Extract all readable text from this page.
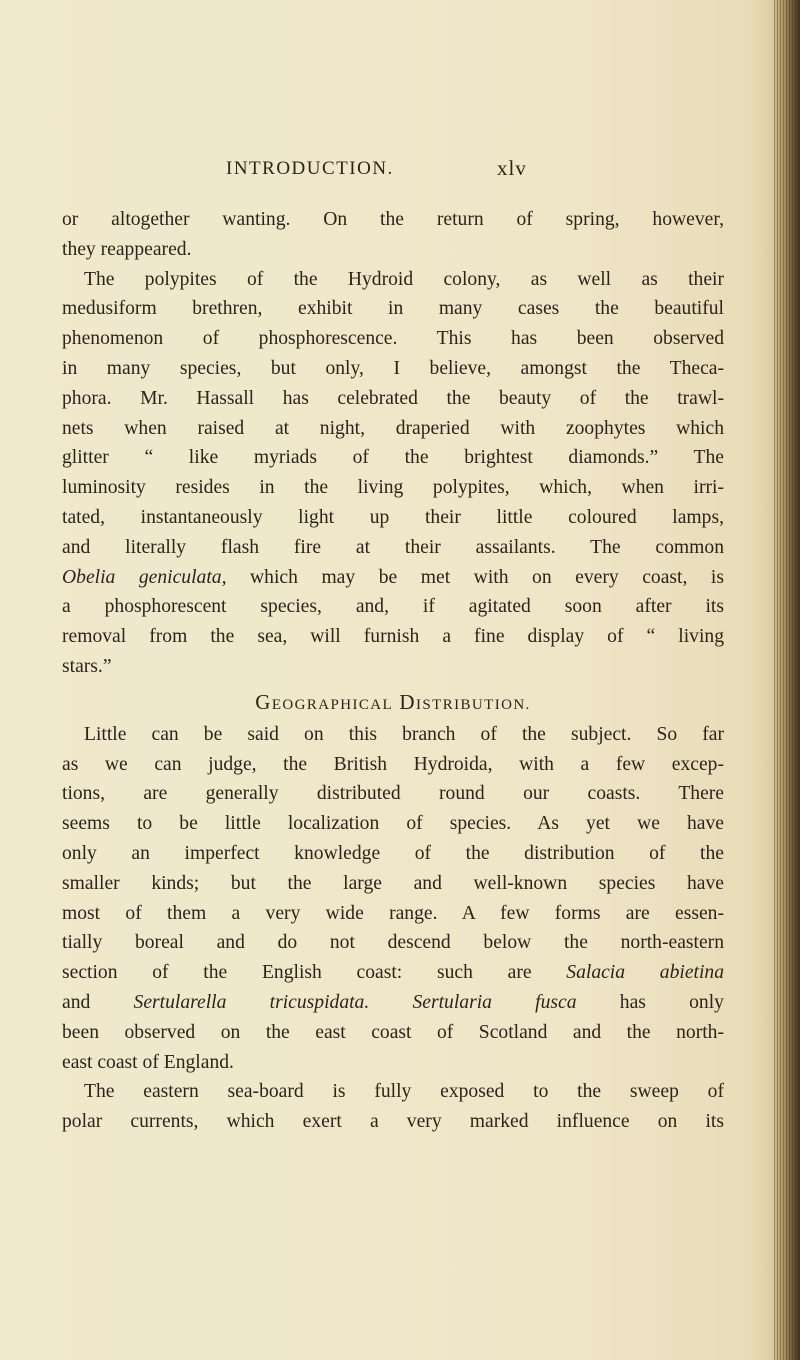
INTRODUCTION.	xlv
or altogether wanting. On the return of spring, however,
they reappeared.
The polypites of the Hydroid colony, as well as their
medusiform brethren, exhibit in many cases the beautiful
phenomenon of phosphorescence. This has been observed
in many species, but only, I believe, amongst the Theca-
phora. Mr. Hassall has celebrated the beauty of the trawl-
nets when raised at night, draperied with zoophytes which
glitter “ like myriads of the brightest diamonds.” The
luminosity resides in the living polypites, which, when irri-
tated, instantaneously light up their little coloured lamps,
and literally flash fire at their assailants. The common
Obelia geniculata, which may be met with on every coast, is
a phosphorescent species, and, if agitated soon after its
removal from the sea, will furnish a fine display of “ living
stars.”
GEOGRAPHICAL DISTRIBUTION.
Little can be said on this branch of the subject. So far
as we can judge, the British Hydroida, with a few excep-
tions, are generally distributed round our coasts. There
seems to be little localization of species. As yet we have
only an imperfect knowledge of the distribution of the
smaller kinds; but the large and well-known species have
most of them a very wide range. A few forms are essen-
tially boreal and do not descend below the north-eastern
section of the English coast: such are Salacia abietina
and Sertularella tricuspidata. Sertularia fusca has only
been observed on the east coast of Scotland and the north-
east coast of England.
The eastern sea-board is fully exposed to the sweep of
polar currents, which exert a very marked influence on its
